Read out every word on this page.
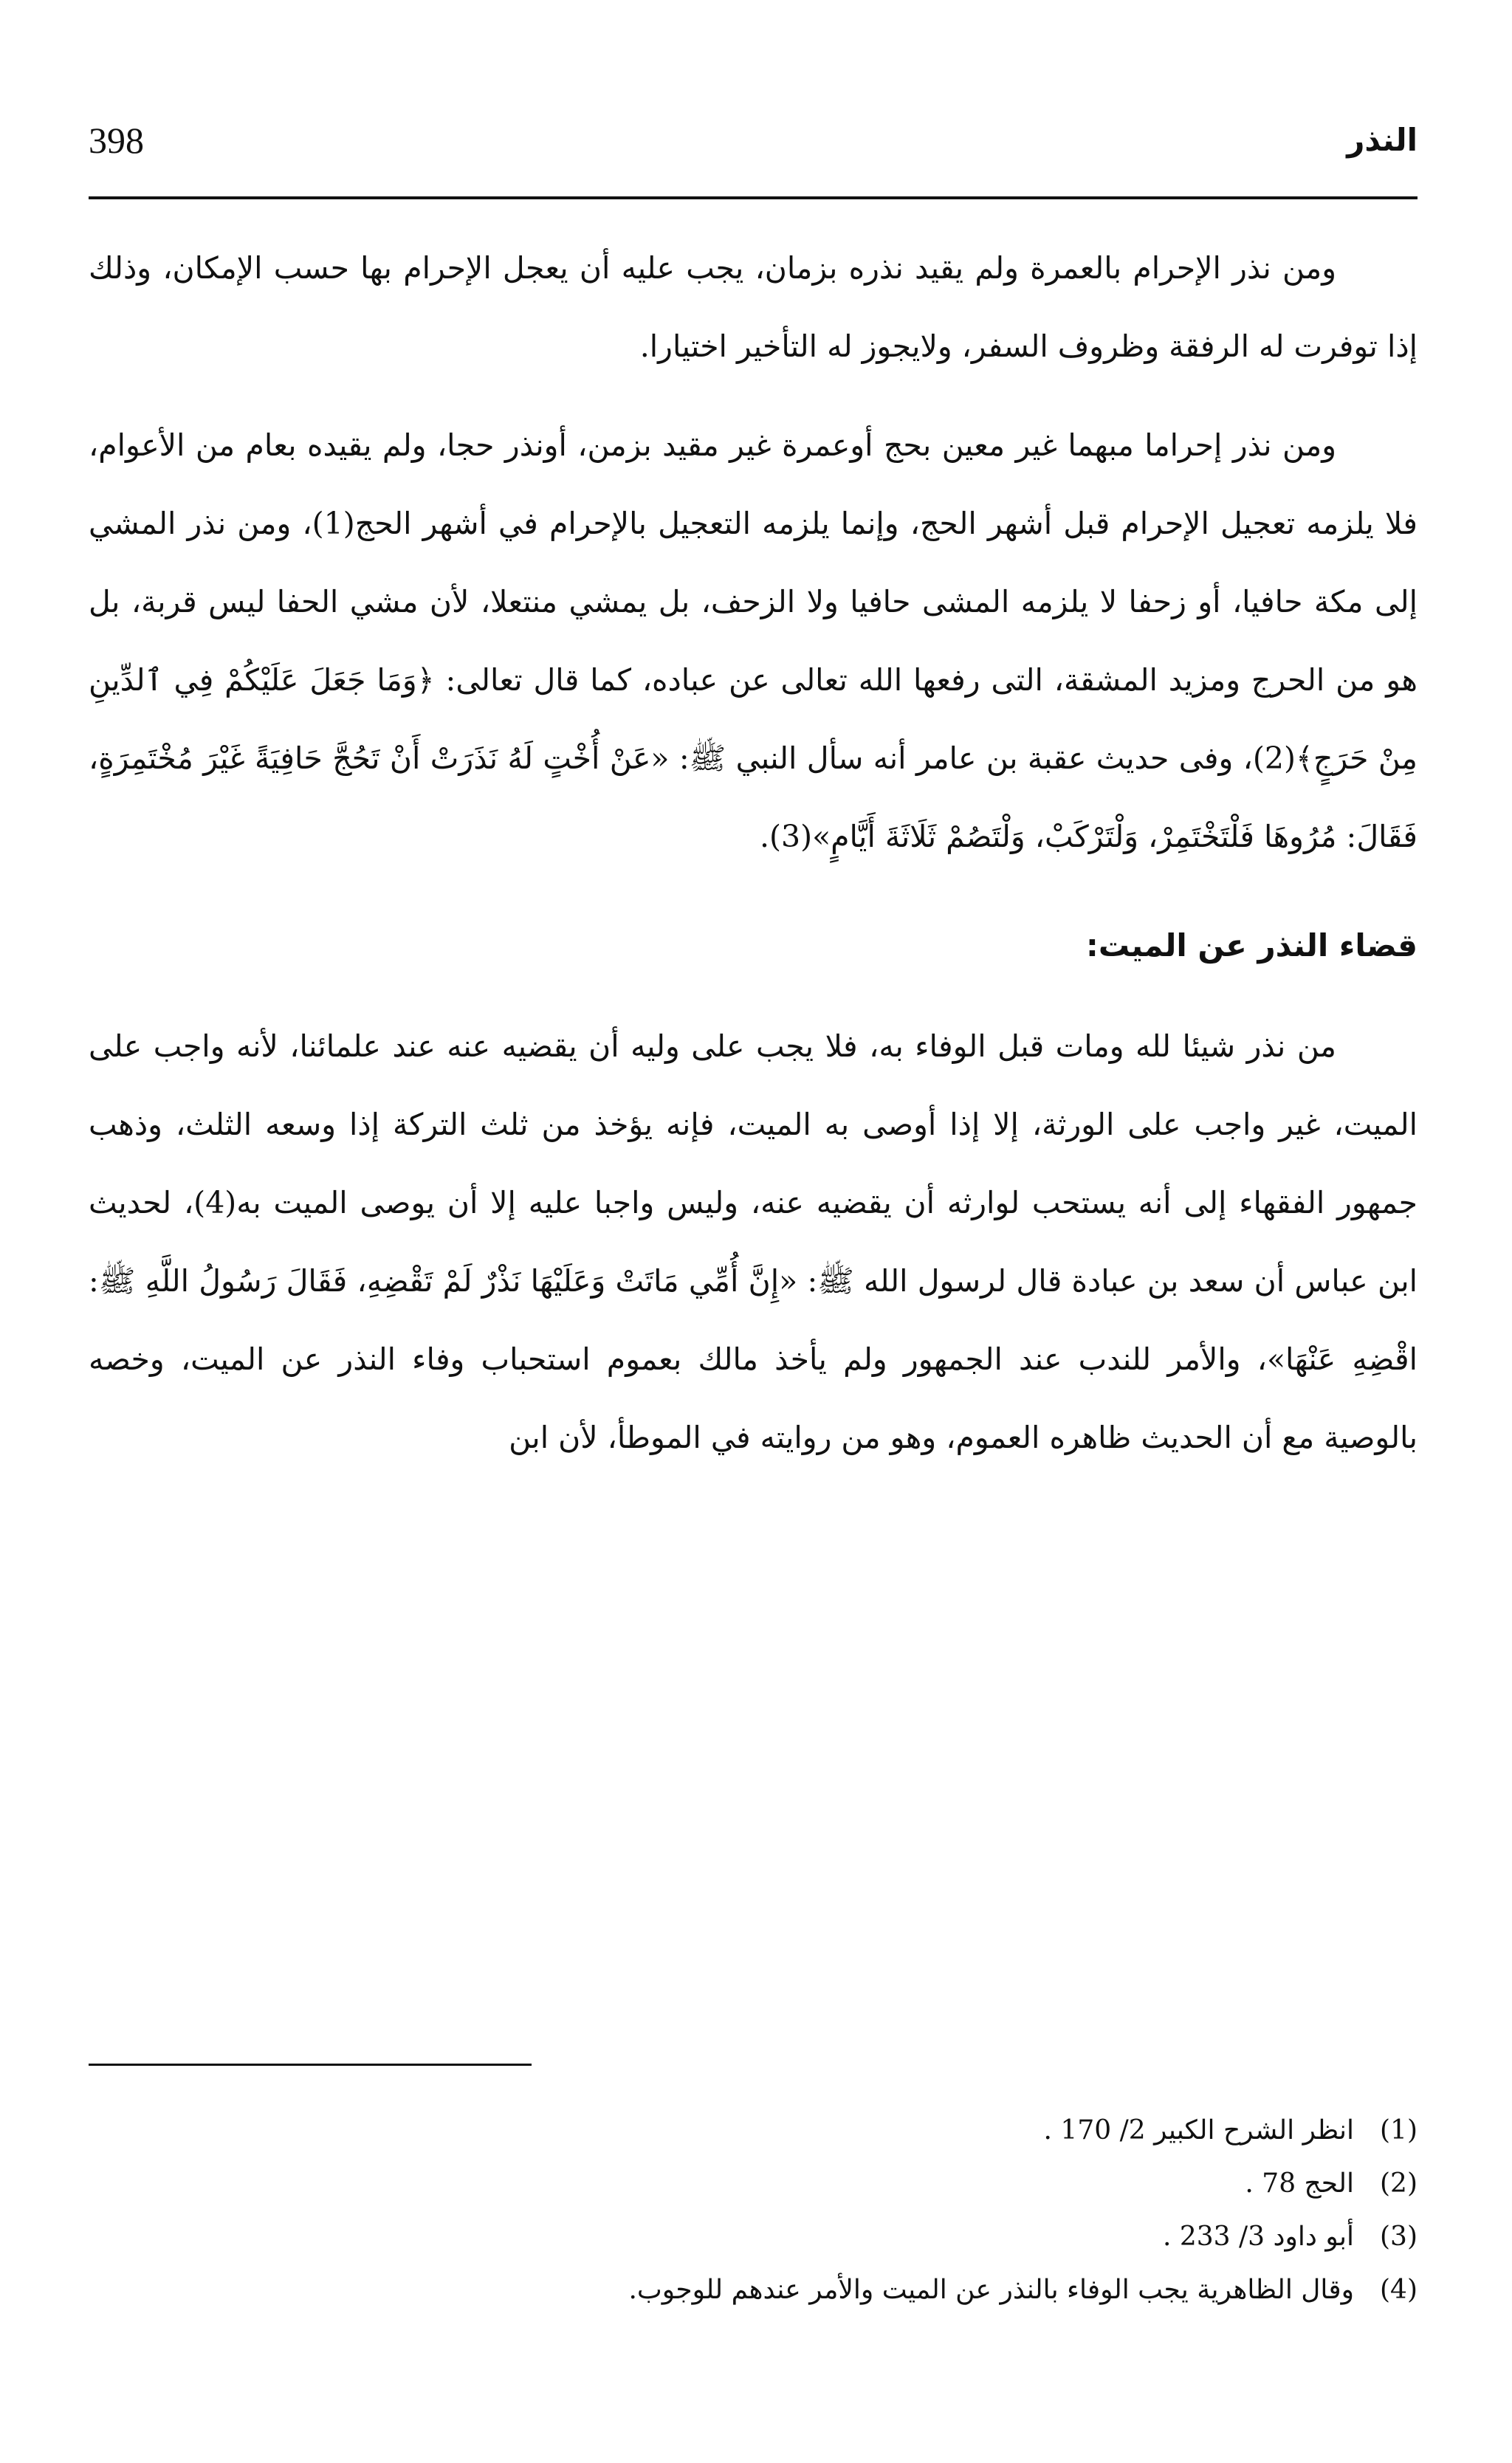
النذر
398

ومن نذر الإحرام بالعمرة ولم يقيد نذره بزمان، يجب عليه أن يعجل الإحرام بها حسب الإمكان، وذلك إذا توفرت له الرفقة وظروف السفر، ولايجوز له التأخير اختيارا.

ومن نذر إحراما مبهما غير معين بحج أوعمرة غير مقيد بزمن، أونذر حجا، ولم يقيده بعام من الأعوام، فلا يلزمه تعجيل الإحرام قبل أشهر الحج، وإنما يلزمه التعجيل بالإحرام في أشهر الحج(1)، ومن نذر المشي إلى مكة حافيا، أو زحفا لا يلزمه المشى حافيا ولا الزحف، بل يمشي منتعلا، لأن مشي الحفا ليس قربة، بل هو من الحرج ومزيد المشقة، التى رفعها الله تعالى عن عباده، كما قال تعالى: ﴿وَمَا جَعَلَ عَلَيْكُمْ فِي ٱلدِّينِ مِنْ حَرَجٍ﴾(2)، وفى حديث عقبة بن عامر أنه سأل النبي ﷺ: «عَنْ أُخْتٍ لَهُ نَذَرَتْ أَنْ تَحُجَّ حَافِيَةً غَيْرَ مُخْتَمِرَةٍ، فَقَالَ: مُرُوهَا فَلْتَخْتَمِرْ، وَلْتَرْكَبْ، وَلْتَصُمْ ثَلَاثَةَ أَيَّامٍ»(3).

قضاء النذر عن الميت:

من نذر شيئا لله ومات قبل الوفاء به، فلا يجب على وليه أن يقضيه عنه عند علمائنا، لأنه واجب على الميت، غير واجب على الورثة، إلا إذا أوصى به الميت، فإنه يؤخذ من ثلث التركة إذا وسعه الثلث، وذهب جمهور الفقهاء إلى أنه يستحب لوارثه أن يقضيه عنه، وليس واجبا عليه إلا أن يوصى الميت به(4)، لحديث ابن عباس أن سعد بن عبادة قال لرسول الله ﷺ: «إِنَّ أُمِّي مَاتَتْ وَعَلَيْهَا نَذْرٌ لَمْ تَقْضِهِ، فَقَالَ رَسُولُ اللَّهِ ﷺ: اقْضِهِ عَنْهَا»، والأمر للندب عند الجمهور ولم يأخذ مالك بعموم استحباب وفاء النذر عن الميت، وخصه بالوصية مع أن الحديث ظاهره العموم، وهو من روايته في الموطأ، لأن ابن

(1)
انظر الشرح الكبير 2/ 170 .
(2)
الحج 78 .
(3)
أبو داود 3/ 233 .
(4)
وقال الظاهرية يجب الوفاء بالنذر عن الميت والأمر عندهم للوجوب.
